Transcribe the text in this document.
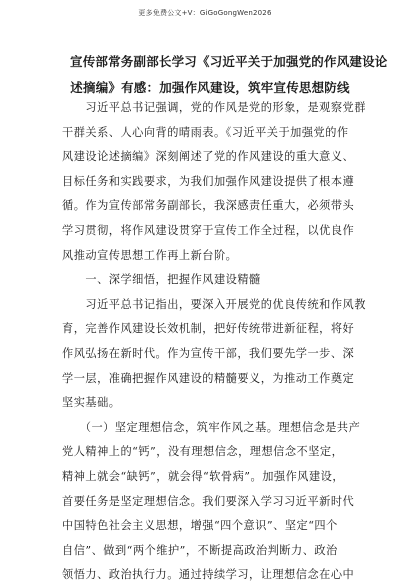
更多免费公文+V：GiGoGongWen2026
宣传部常务副部长学习《习近平关于加强党的作风建设论
述摘编》有感：加强作风建设，筑牢宣传思想防线

　　习近平总书记强调，党的作风是党的形象，是观察党群

干群关系、人心向背的晴雨表。《习近平关于加强党的作

风建设论述摘编》深刻阐述了党的作风建设的重大意义、

目标任务和实践要求，为我们加强作风建设提供了根本遵

循。作为宣传部常务副部长，我深感责任重大，必须带头

学习贯彻，将作风建设贯穿于宣传工作全过程，以优良作

风推动宣传思想工作再上新台阶。

　　一、深学细悟，把握作风建设精髓

　　习近平总书记指出，要深入开展党的优良传统和作风教

育，完善作风建设长效机制，把好传统带进新征程，将好

作风弘扬在新时代。作为宣传干部，我们要先学一步、深

学一层，准确把握作风建设的精髓要义，为推动工作奠定

坚实基础。

　　（一）坚定理想信念，筑牢作风之基。理想信念是共产

党人精神上的“钙”，没有理想信念，理想信念不坚定，

精神上就会“缺钙”，就会得“软骨病”。加强作风建设，

首要任务是坚定理想信念。我们要深入学习习近平新时代

中国特色社会主义思想，增强“四个意识”、坚定“四个

自信”、做到“两个维护”，不断提高政治判断力、政治

领悟力、政治执行力。通过持续学习，让理想信念在心中
